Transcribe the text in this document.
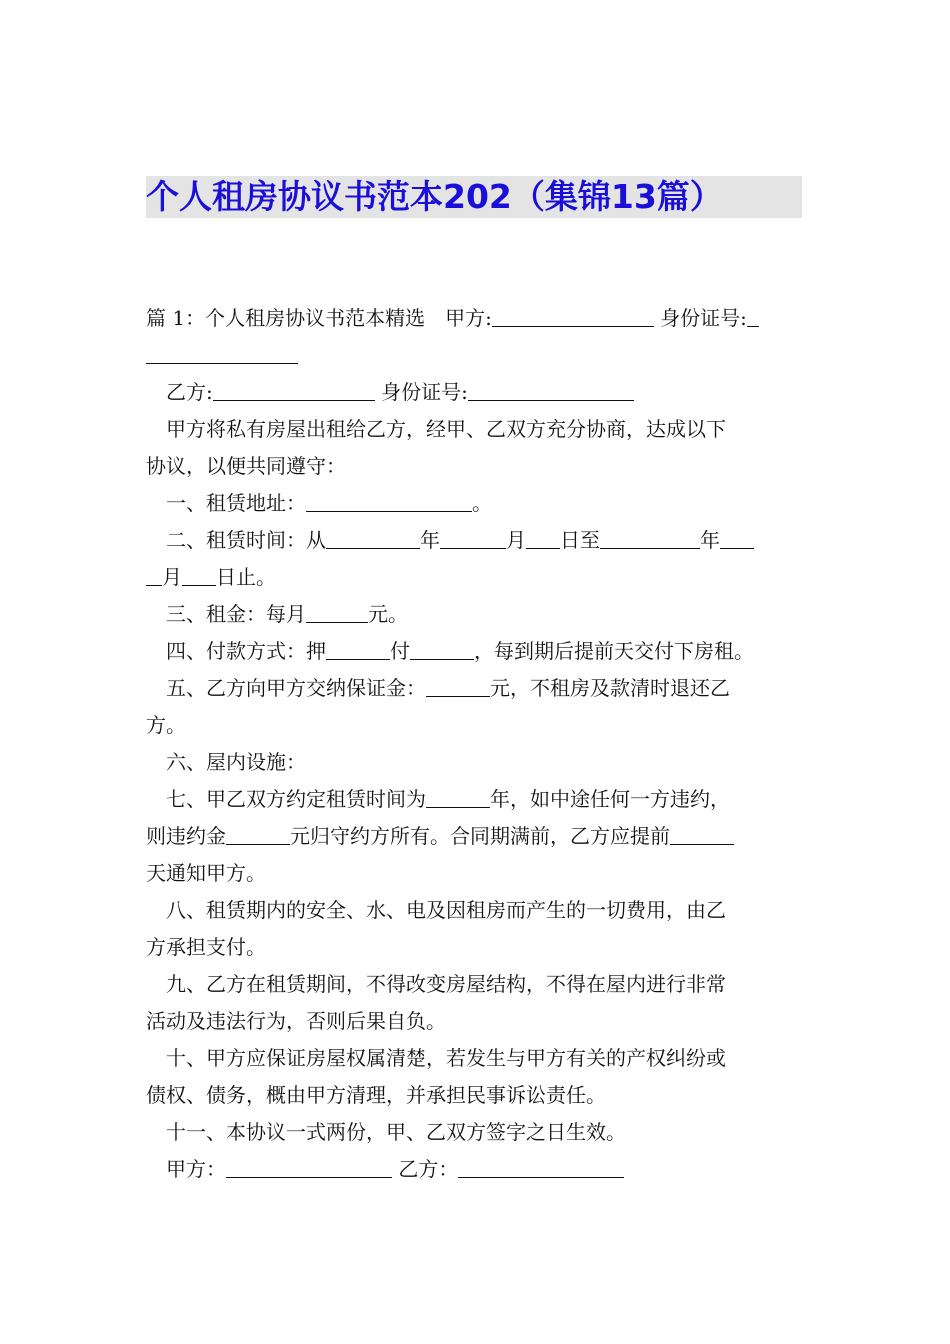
个人租房协议书范本202（集锦13篇）
篇 1：个人租房协议书范本精选　甲方:	身份证号:
乙方:	身份证号:
甲方将私有房屋出租给乙方，经甲、乙双方充分协商，达成以下
协议，以便共同遵守：
一、租赁地址：	。
二、租赁时间：从	年	月 日至	年
月 日止。
三、租金：每月	元。
四、付款方式：押	付	，每到期后提前天交付下房租。
五、乙方向甲方交纳保证金：	元，不租房及款清时退还乙
方。
六、屋内设施：
七、甲乙双方约定租赁时间为	年，如中途任何一方违约，
则违约金	元归守约方所有。合同期满前，乙方应提前
天通知甲方。
八、租赁期内的安全、水、电及因租房而产生的一切费用，由乙
方承担支付。
九、乙方在租赁期间，不得改变房屋结构，不得在屋内进行非常
活动及违法行为，否则后果自负。
十、甲方应保证房屋权属清楚，若发生与甲方有关的产权纠纷或
债权、债务，概由甲方清理，并承担民事诉讼责任。
十一、本协议一式两份，甲、乙双方签字之日生效。
甲方：	乙方：
